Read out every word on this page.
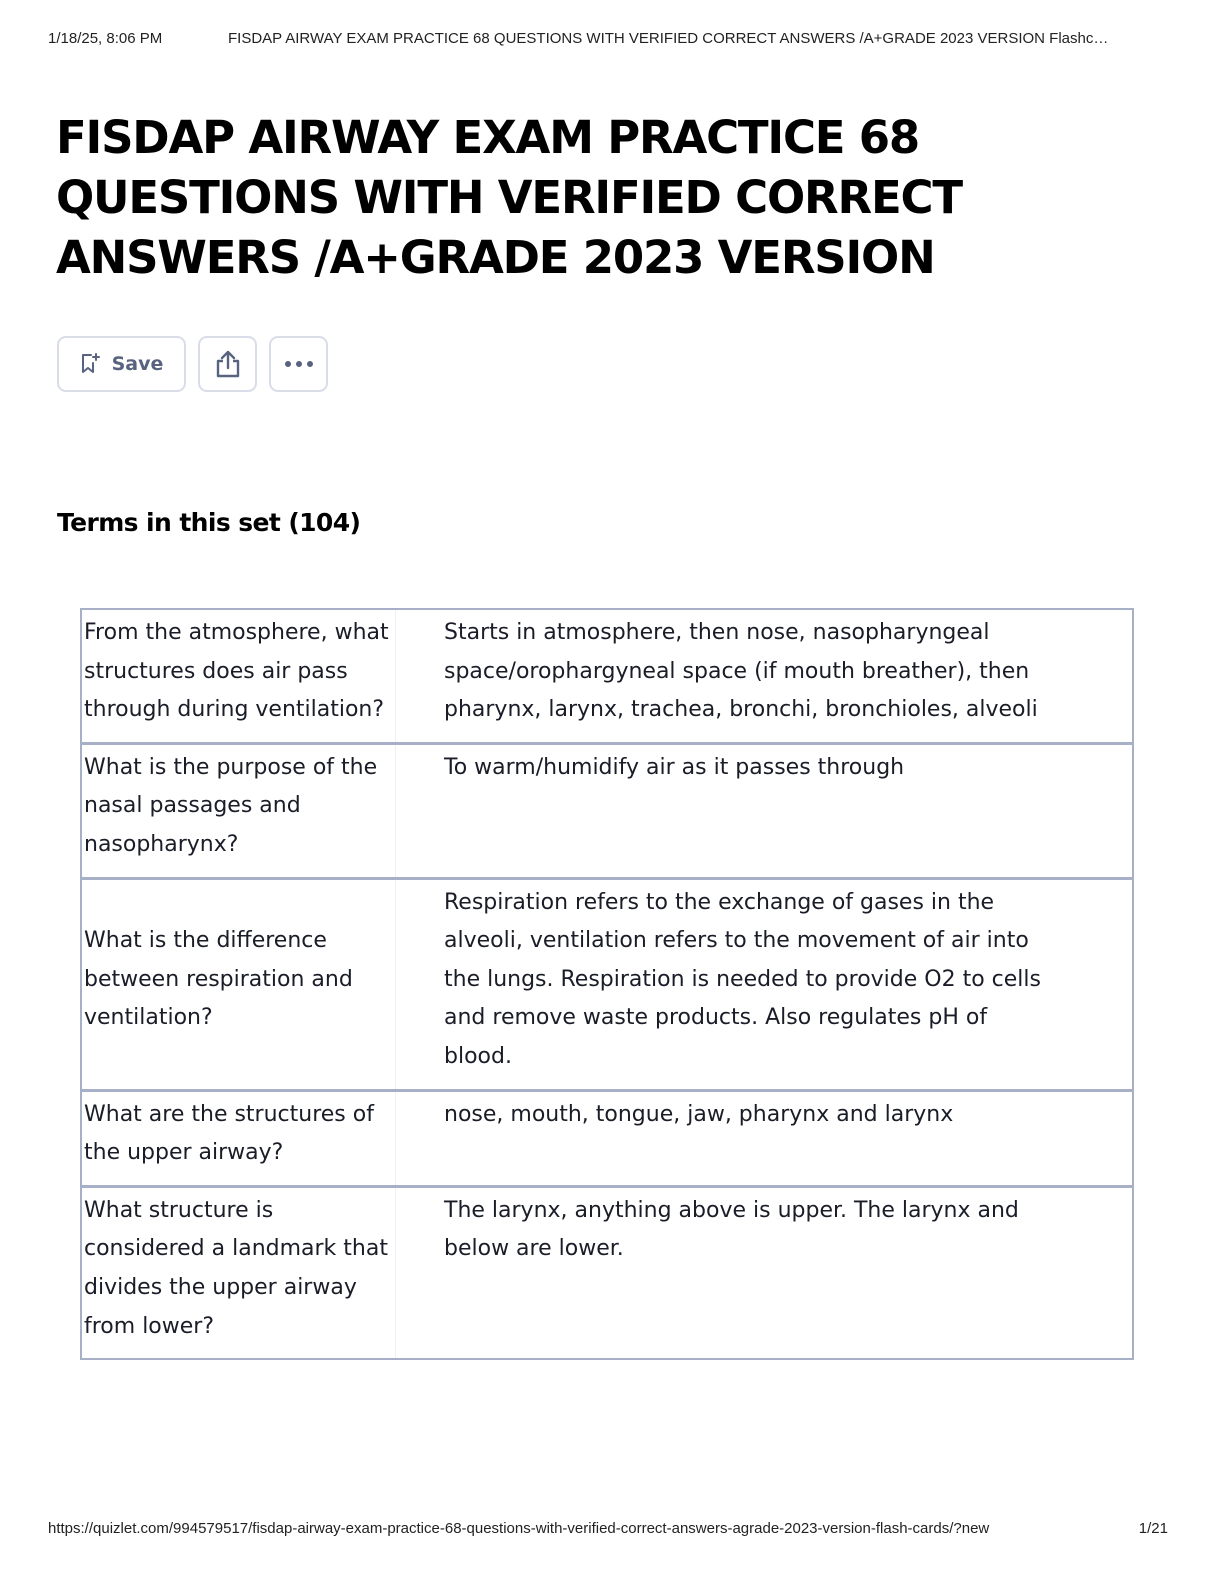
1/18/25, 8:06 PM	FISDAP AIRWAY EXAM PRACTICE 68 QUESTIONS WITH VERIFIED CORRECT ANSWERS /A+GRADE 2023 VERSION Flashc…
FISDAP AIRWAY EXAM PRACTICE 68 QUESTIONS WITH VERIFIED CORRECT ANSWERS /A+GRADE 2023 VERSION
Save
Terms in this set (104)
From the atmosphere, what structures does air pass through during ventilation?
Starts in atmosphere, then nose, nasopharyngeal space/orophargyneal space (if mouth breather), then pharynx, larynx, trachea, bronchi, bronchioles, alveoli
What is the purpose of the nasal passages and nasopharynx?
To warm/humidify air as it passes through
What is the difference between respiration and ventilation?
Respiration refers to the exchange of gases in the alveoli, ventilation refers to the movement of air into the lungs. Respiration is needed to provide O2 to cells and remove waste products. Also regulates pH of blood.
What are the structures of the upper airway?
nose, mouth, tongue, jaw, pharynx and larynx
What structure is considered a landmark that divides the upper airway from lower?
The larynx, anything above is upper. The larynx and below are lower.
https://quizlet.com/994579517/fisdap-airway-exam-practice-68-questions-with-verified-correct-answers-agrade-2023-version-flash-cards/?new	1/21
